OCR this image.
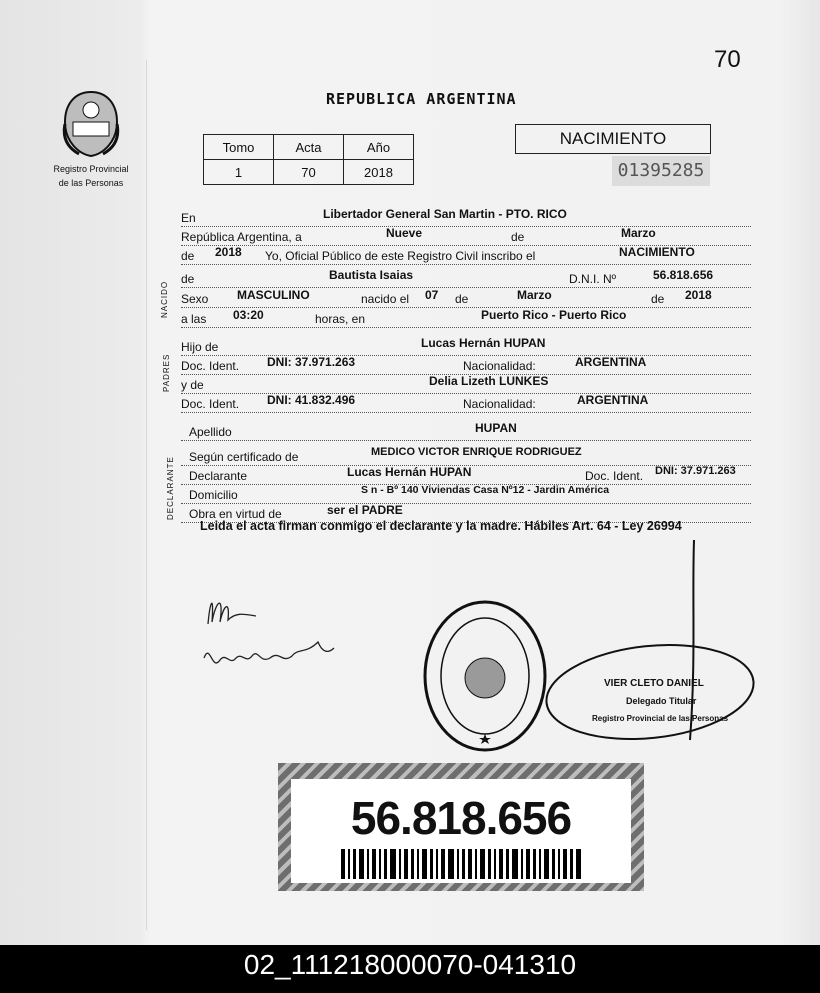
70
Registro Provincial
de las Personas
REPUBLICA ARGENTINA
Tomo	Acta	Año
1	70	2018
NACIMIENTO
01395285
En	Libertador General San Martin - PTO. RICO
República Argentina, a	Nueve	de	Marzo
de 2018 Yo, Oficial Público de este Registro Civil inscribo el	NACIMIENTO
de	Bautista Isaias	D.N.I. Nº	56.818.656
Sexo MASCULINO	nacido el 07 de	Marzo	de 2018
a las 03:20	horas, en	Puerto Rico - Puerto Rico
Hijo de	Lucas Hernán HUPAN
Doc. Ident. DNI: 37.971.263	Nacionalidad:	ARGENTINA
y de	Delia Lizeth LUNKES
Doc. Ident. DNI: 41.832.496	Nacionalidad:	ARGENTINA
Apellido	HUPAN
Según certificado de	MEDICO VICTOR ENRIQUE RODRIGUEZ
Declarante	Lucas Hernán HUPAN	Doc. Ident. DNI: 37.971.263
Domicilio	S n - Bº 140 Viviendas Casa Nº12 - Jardin América
Obra en virtud de	ser el PADRE
NACIDO
PADRES
DECLARANTE
Leida el acta firman conmigo el declarante y la madre. Hábiles Art. 64 - Ley 26994
VIER CLETO DANIEL
Delegado Titular
Registro Provincial de las Personas
56.818.656
02_111218000070-041310
